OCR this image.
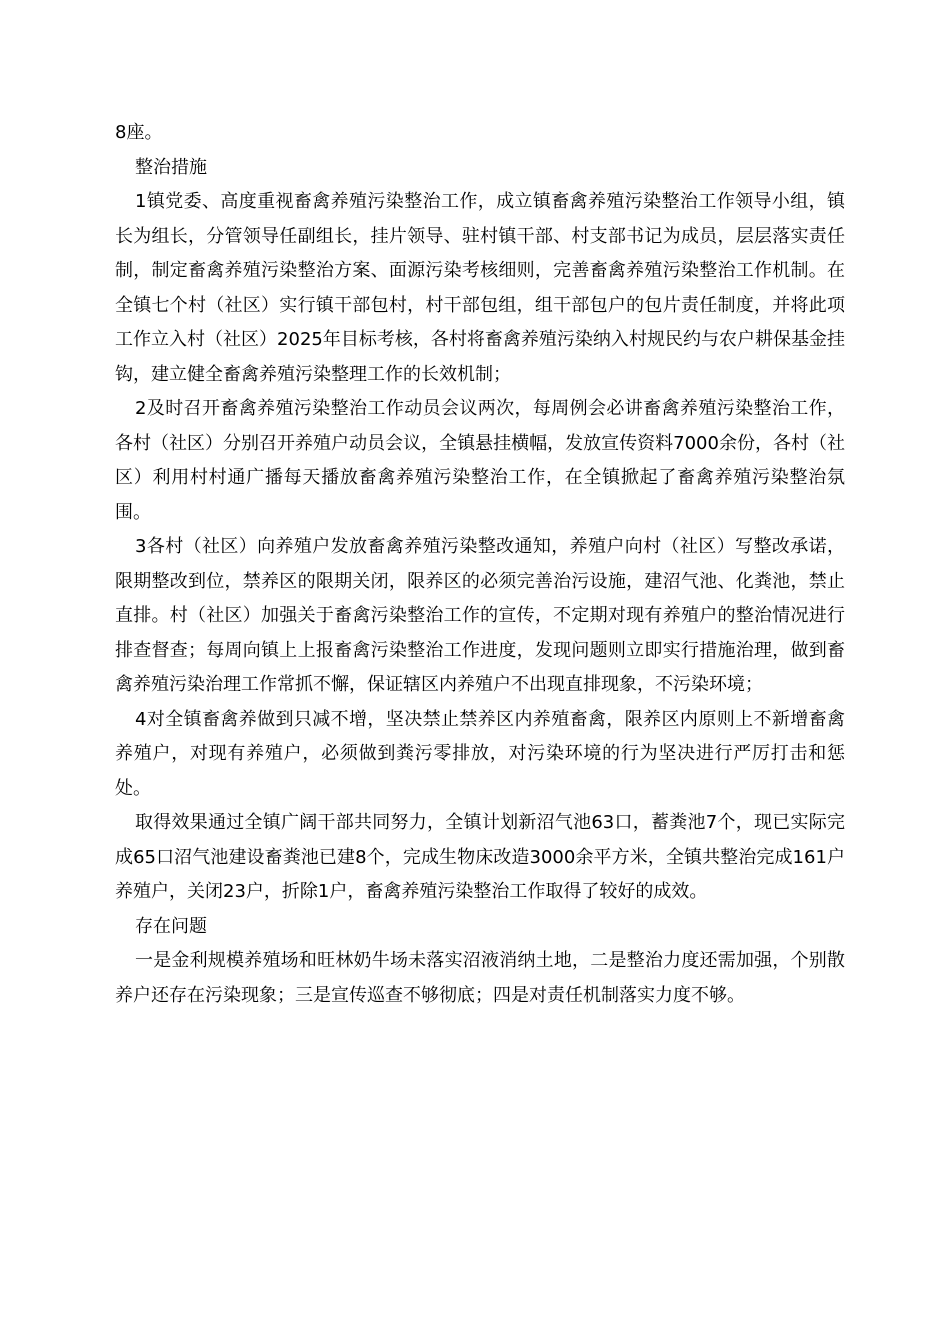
8座。

整治措施

1镇党委、高度重视畜禽养殖污染整治工作，成立镇畜禽养殖污染整治工作领导小组，镇长为组长，分管领导任副组长，挂片领导、驻村镇干部、村支部书记为成员，层层落实责任制，制定畜禽养殖污染整治方案、面源污染考核细则，完善畜禽养殖污染整治工作机制。在全镇七个村（社区）实行镇干部包村，村干部包组，组干部包户的包片责任制度，并将此项工作立入村（社区）2025年目标考核，各村将畜禽养殖污染纳入村规民约与农户耕保基金挂钩，建立健全畜禽养殖污染整理工作的长效机制；

2及时召开畜禽养殖污染整治工作动员会议两次，每周例会必讲畜禽养殖污染整治工作，各村（社区）分别召开养殖户动员会议，全镇悬挂横幅，发放宣传资料7000余份，各村（社区）利用村村通广播每天播放畜禽养殖污染整治工作，在全镇掀起了畜禽养殖污染整治氛围。

3各村（社区）向养殖户发放畜禽养殖污染整改通知，养殖户向村（社区）写整改承诺，限期整改到位，禁养区的限期关闭，限养区的必须完善治污设施，建沼气池、化粪池，禁止直排。村（社区）加强关于畜禽污染整治工作的宣传，不定期对现有养殖户的整治情况进行排查督查；每周向镇上上报畜禽污染整治工作进度，发现问题则立即实行措施治理，做到畜禽养殖污染治理工作常抓不懈，保证辖区内养殖户不出现直排现象，不污染环境；

4对全镇畜禽养做到只减不增，坚决禁止禁养区内养殖畜禽，限养区内原则上不新增畜禽养殖户，对现有养殖户，必须做到粪污零排放，对污染环境的行为坚决进行严厉打击和惩处。

取得效果通过全镇广阔干部共同努力，全镇计划新沼气池63口，蓄粪池7个，现已实际完成65口沼气池建设畜粪池已建8个，完成生物床改造3000余平方米，全镇共整治完成161户养殖户，关闭23户，折除1户，畜禽养殖污染整治工作取得了较好的成效。

存在问题

一是金利规模养殖场和旺林奶牛场未落实沼液消纳土地，二是整治力度还需加强，个别散养户还存在污染现象；三是宣传巡查不够彻底；四是对责任机制落实力度不够。
